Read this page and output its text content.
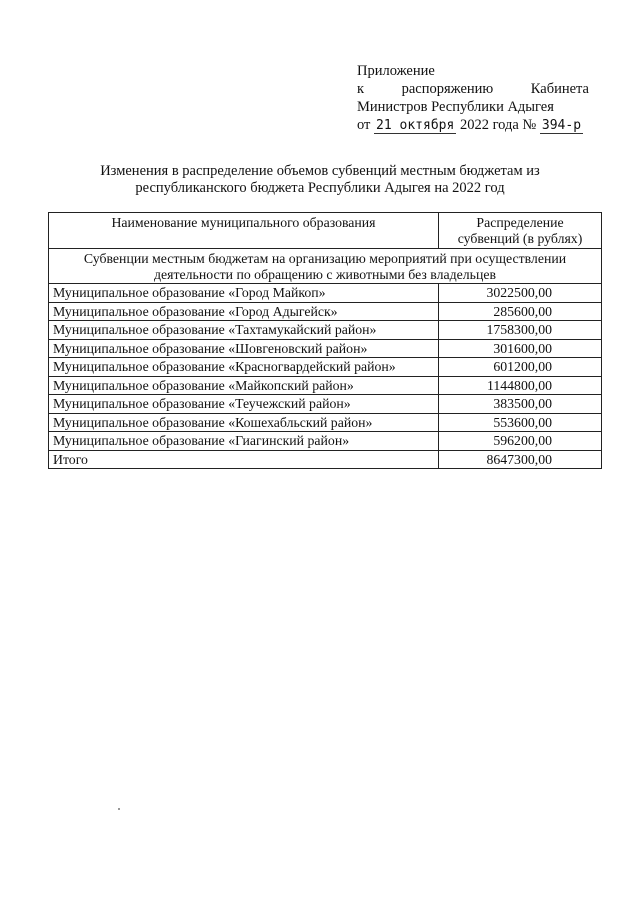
Приложение
к	распоряжению	Кабинета
Министров Республики Адыгея
от 21 октября 2022 года № 394-р
Изменения в распределение объемов субвенций местным бюджетам из
республиканского бюджета Республики Адыгея на 2022 год
Наименование муниципального образования	Распределение
субвенций (в рублях)

Субвенции местным бюджетам на организацию мероприятий при осуществлении
деятельности по обращению с животными без владельцев	

Муниципальное образование «Город Майкоп»	3022500,00
Муниципальное образование «Город Адыгейск»	285600,00
Муниципальное образование «Тахтамукайский район»	1758300,00
Муниципальное образование «Шовгеновский район»	301600,00
Муниципальное образование «Красногвардейский район»	601200,00
Муниципальное образование «Майкопский район»	1144800,00
Муниципальное образование «Теучежский район»	383500,00
Муниципальное образование «Кошехабльский район»	553600,00
Муниципальное образование «Гиагинский район»	596200,00
Итого	8647300,00
